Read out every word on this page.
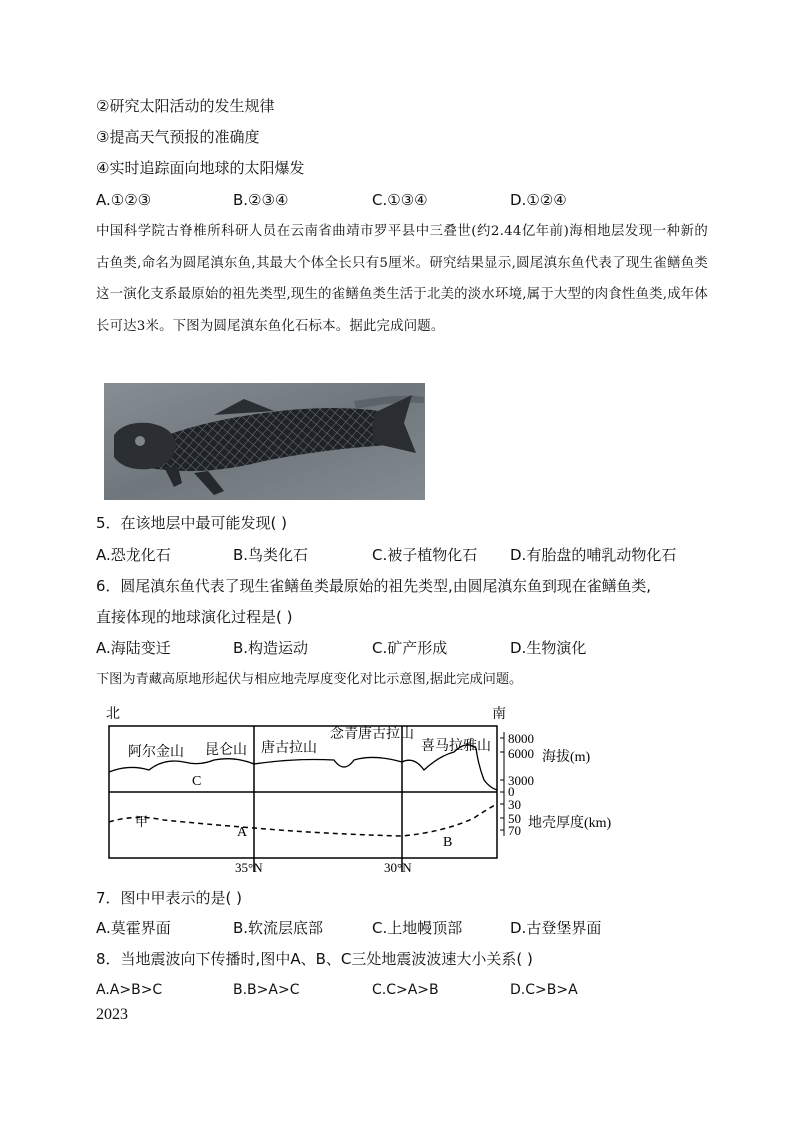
②研究太阳活动的发生规律
③提高天气预报的准确度
④实时追踪面向地球的太阳爆发
A.①②③	B.②③④	C.①③④	D.①②④
中国科学院古脊椎所科研人员在云南省曲靖市罗平县中三叠世(约2.44亿年前)海相地层发现一种新的古鱼类,命名为圆尾滇东鱼,其最大个体全长只有5厘米。研究结果显示,圆尾滇东鱼代表了现生雀鳝鱼类这一演化支系最原始的祖先类型,现生的雀鳝鱼类生活于北美的淡水环境,属于大型的肉食性鱼类,成年体长可达3米。下图为圆尾滇东鱼化石标本。据此完成问题。
5．在该地层中最可能发现( )
A.恐龙化石	B.鸟类化石	C.被子植物化石 D.有胎盘的哺乳动物化石
6．圆尾滇东鱼代表了现生雀鳝鱼类最原始的祖先类型,由圆尾滇东鱼到现在雀鳝鱼类,
直接体现的地球演化过程是( )
A.海陆变迁	B.构造运动	C.矿产形成	D.生物演化
下图为青藏高原地形起伏与相应地壳厚度变化对比示意图,据此完成问题。
北	南
阿尔金山 昆仑山 唐古拉山
念青唐古拉山
喜马拉雅山
C
A
B
甲
35°N	30°N
8000
6000
3000
0
海拔(m)
30
50
70 地壳厚度(km)
7．图中甲表示的是( )
A.莫霍界面	B.软流层底部	C.上地幔顶部	D.古登堡界面
8．当地震波向下传播时,图中A、B、C三处地震波波速大小关系( )
A.A>B>C	B.B>A>C	C.C>A>B	D.C>B>A
2023
